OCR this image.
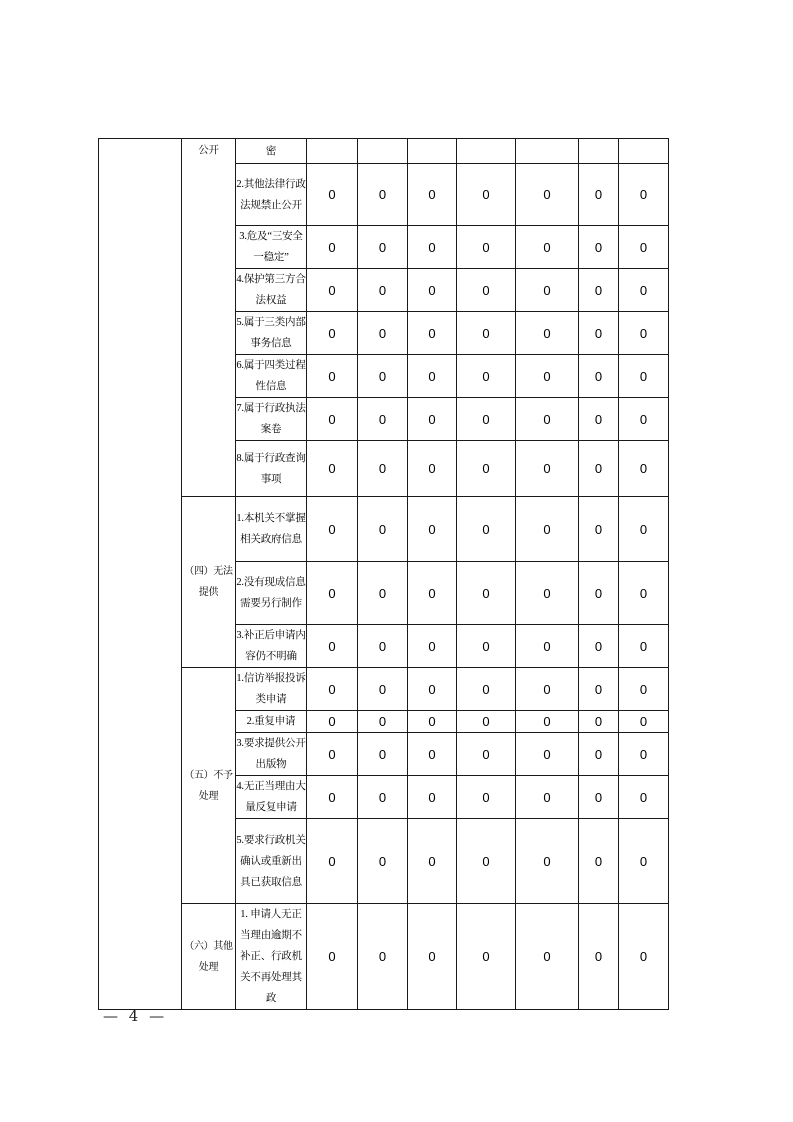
	公开	密							
		2.其他法律行政法规禁止公开	0	0	0	0	0	0	0
		3.危及“三安全一稳定”	0	0	0	0	0	0	0
		4.保护第三方合法权益	0	0	0	0	0	0	0
		5.属于三类内部事务信息	0	0	0	0	0	0	0
		6.属于四类过程性信息	0	0	0	0	0	0	0
		7.属于行政执法案卷	0	0	0	0	0	0	0
		8.属于行政查询事项	0	0	0	0	0	0	0
	（四）无法提供	1.本机关不掌握相关政府信息	0	0	0	0	0	0	0
		2.没有现成信息需要另行制作	0	0	0	0	0	0	0
		3.补正后申请内容仍不明确	0	0	0	0	0	0	0
	（五）不予处理	1.信访举报投诉类申请	0	0	0	0	0	0	0
		2.重复申请	0	0	0	0	0	0	0
		3.要求提供公开出版物	0	0	0	0	0	0	0
		4.无正当理由大量反复申请	0	0	0	0	0	0	0
		5.要求行政机关确认或重新出具已获取信息	0	0	0	0	0	0	0
	（六）其他处理	1. 申请人无正当理由逾期不补正、行政机关不再处理其政	0	0	0	0	0	0	0
— 4 —
